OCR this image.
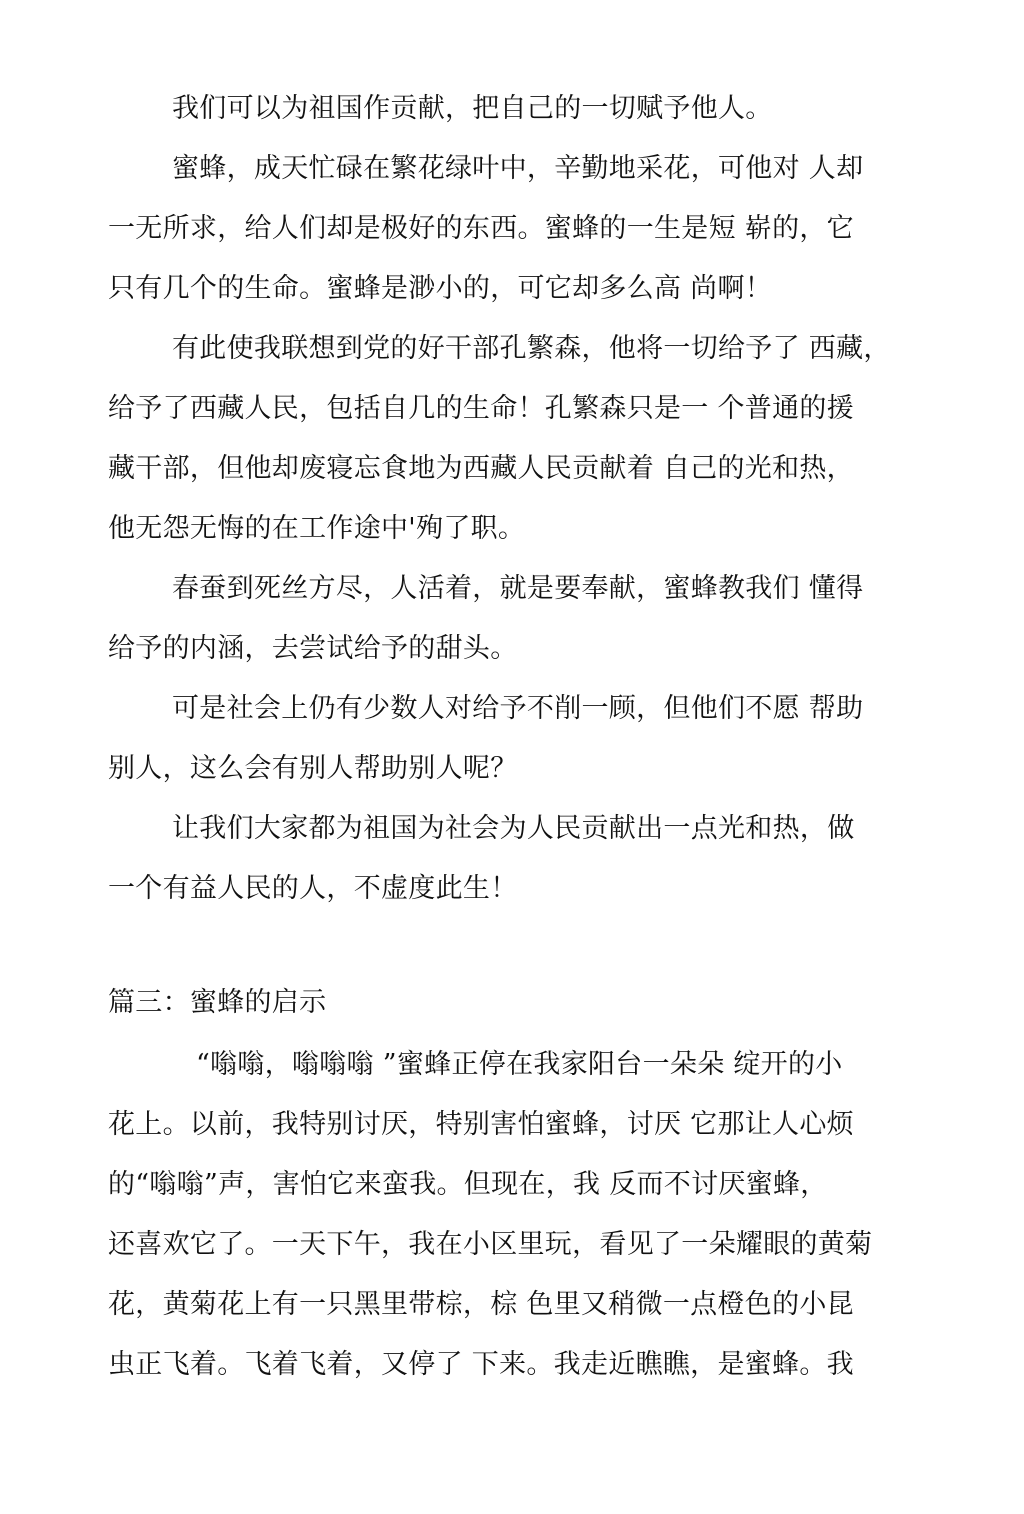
我们可以为祖国作贡献，把自己的一切赋予他人。
蜜蜂，成天忙碌在繁花绿叶中，辛勤地采花，可他对 人却
一无所求，给人们却是极好的东西。蜜蜂的一生是短 崭的，它
只有几个的生命。蜜蜂是渺小的，可它却多么高 尚啊！
有此使我联想到党的好干部孔繁森，他将一切给予了 西藏，
给予了西藏人民，包括自几的生命！孔繁森只是一 个普通的援
藏干部，但他却废寝忘食地为西藏人民贡献着 自己的光和热，
他无怨无悔的在工作途中'殉了职。
春蚕到死丝方尽，人活着，就是要奉献，蜜蜂教我们 懂得
给予的内涵，去尝试给予的甜头。
可是社会上仍有少数人对给予不削一顾，但他们不愿 帮助
别人，这么会有别人帮助别人呢？
让我们大家都为祖国为社会为人民贡献出一点光和热，做
一个有益人民的人，不虚度此生！
篇三：蜜蜂的启示
“嗡嗡，嗡嗡嗡 ”蜜蜂正停在我家阳台一朵朵 绽开的小
花上。以前，我特别讨厌，特别害怕蜜蜂，讨厌 它那让人心烦
的“嗡嗡”声，害怕它来蛮我。但现在，我 反而不讨厌蜜蜂，
还喜欢它了。一天下午，我在小区里玩，看见了一朵耀眼的黄菊
花，黄菊花上有一只黑里带棕，棕 色里又稍微一点橙色的小昆
虫正飞着。飞着飞着，又停了 下来。我走近瞧瞧，是蜜蜂。我
